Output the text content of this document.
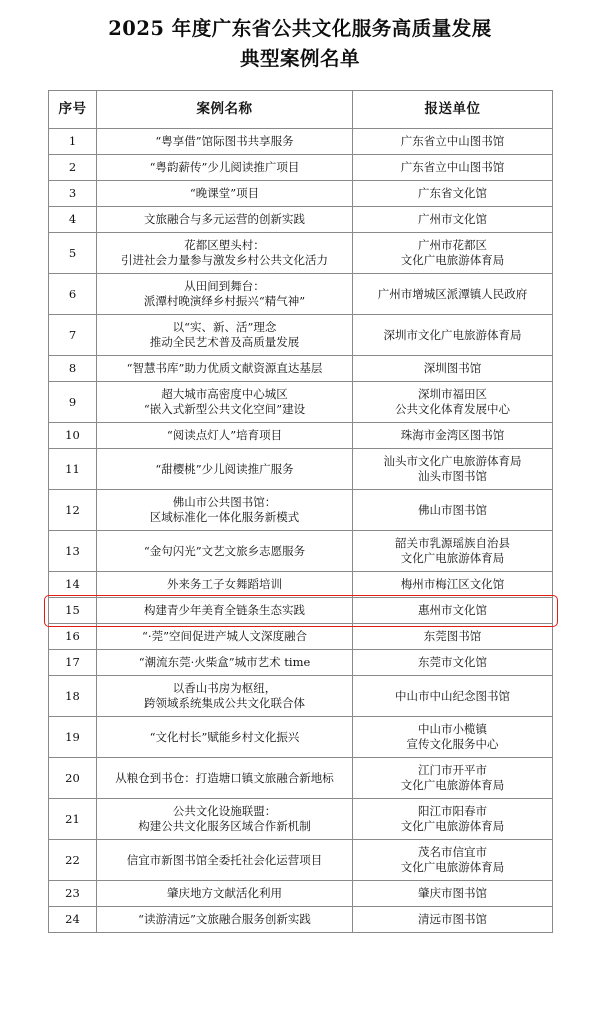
2025 年度广东省公共文化服务高质量发展
典型案例名单
序号	案例名称	报送单位
1	“粤享借”馆际图书共享服务	广东省立中山图书馆

2	“粤韵薪传”少儿阅读推广项目	广东省立中山图书馆

3	“晚课堂”项目	广东省文化馆

4	文旅融合与多元运营的创新实践	广州市文化馆

5	花都区塱头村：
引进社会力量参与激发乡村公共文化活力	广州市花都区
文化广电旅游体育局

6	从田间到舞台：
派潭村晚演绎乡村振兴“精气神”	广州市增城区派潭镇人民政府

7	以“实、新、活”理念
推动全民艺术普及高质量发展	深圳市文化广电旅游体育局

8	“智慧书库”助力优质文献资源直达基层	深圳图书馆

9	超大城市高密度中心城区
“嵌入式新型公共文化空间”建设	深圳市福田区
公共文化体育发展中心

10	“阅读点灯人”培育项目	珠海市金湾区图书馆

11	“甜樱桃”少儿阅读推广服务	汕头市文化广电旅游体育局
汕头市图书馆

12	佛山市公共图书馆：
区域标准化一体化服务新模式	佛山市图书馆

13	“金句闪光”文艺文旅乡志愿服务	韶关市乳源瑶族自治县
文化广电旅游体育局

14	外来务工子女舞蹈培训	梅州市梅江区文化馆

15	构建青少年美育全链条生态实践	惠州市文化馆

16	“·莞”空间促进产城人文深度融合	东莞图书馆

17	“潮流东莞·火柴盒”城市艺术 time	东莞市文化馆

18	以香山书房为枢纽，
跨领域系统集成公共文化联合体	中山市中山纪念图书馆

19	“文化村长”赋能乡村文化振兴	中山市小榄镇
宣传文化服务中心

20	从粮仓到书仓：打造塘口镇文旅融合新地标	江门市开平市
文化广电旅游体育局

21	公共文化设施联盟：
构建公共文化服务区域合作新机制	阳江市阳春市
文化广电旅游体育局

22	信宜市新图书馆全委托社会化运营项目	茂名市信宜市
文化广电旅游体育局

23	肇庆地方文献活化利用	肇庆市图书馆

24	“读游清远”文旅融合服务创新实践	清远市图书馆
